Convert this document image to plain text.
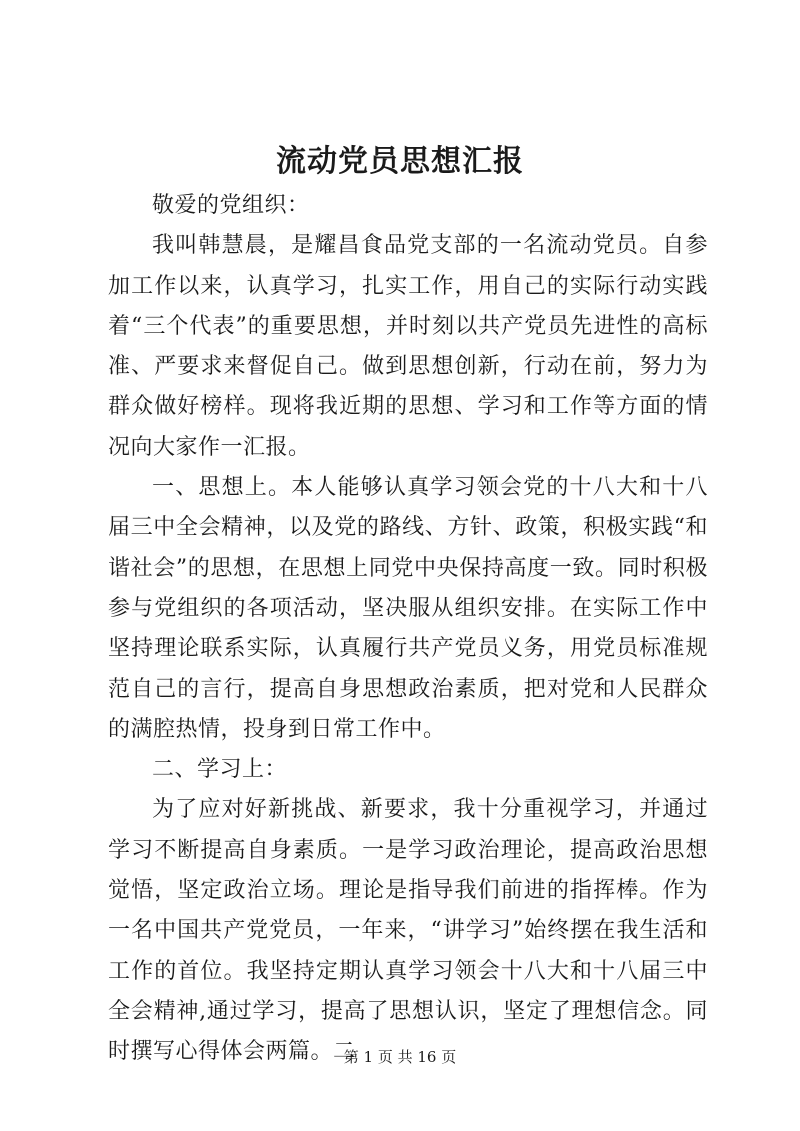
流动党员思想汇报

敬爱的党组织：

我叫韩慧晨，是耀昌食品党支部的一名流动党员。自参加工作以来，认真学习，扎实工作，用自己的实际行动实践着“三个代表”的重要思想，并时刻以共产党员先进性的高标准、严要求来督促自己。做到思想创新，行动在前，努力为群众做好榜样。现将我近期的思想、学习和工作等方面的情况向大家作一汇报。

一、思想上。本人能够认真学习领会党的十八大和十八届三中全会精神，以及党的路线、方针、政策，积极实践“和谐社会”的思想，在思想上同党中央保持高度一致。同时积极参与党组织的各项活动，坚决服从组织安排。在实际工作中坚持理论联系实际，认真履行共产党员义务，用党员标准规范自己的言行，提高自身思想政治素质，把对党和人民群众的满腔热情，投身到日常工作中。

二、学习上：

为了应对好新挑战、新要求，我十分重视学习，并通过学习不断提高自身素质。一是学习政治理论，提高政治思想觉悟，坚定政治立场。理论是指导我们前进的指挥棒。作为一名中国共产党党员，一年来，“讲学习”始终摆在我生活和工作的首位。我坚持定期认真学习领会十八大和十八届三中全会精神,通过学习，提高了思想认识，坚定了理想信念。同时撰写心得体会两篇。二

第 1 页 共 16 页
